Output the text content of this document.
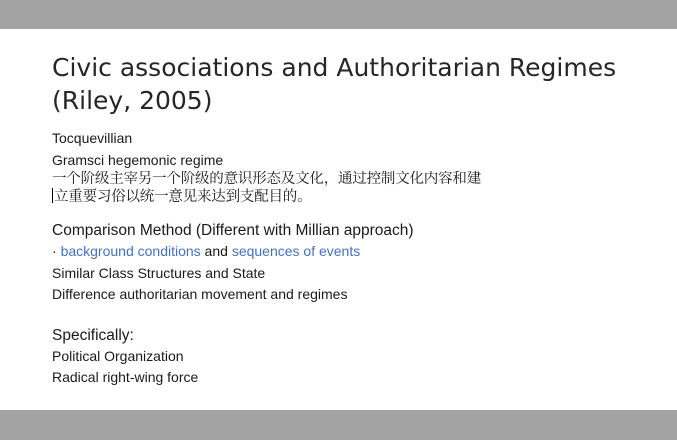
Civic associations and Authoritarian Regimes
(Riley, 2005)
Tocquevillian
Gramsci hegemonic regime
一个阶级主宰另一个阶级的意识形态及文化，通过控制文化内容和建
立重要习俗以统一意见来达到支配目的。
Comparison Method (Different with Millian approach)
· background conditions and sequences of events
Similar Class Structures and State
Difference authoritarian movement and regimes
Specifically:
Political Organization
Radical right-wing force
